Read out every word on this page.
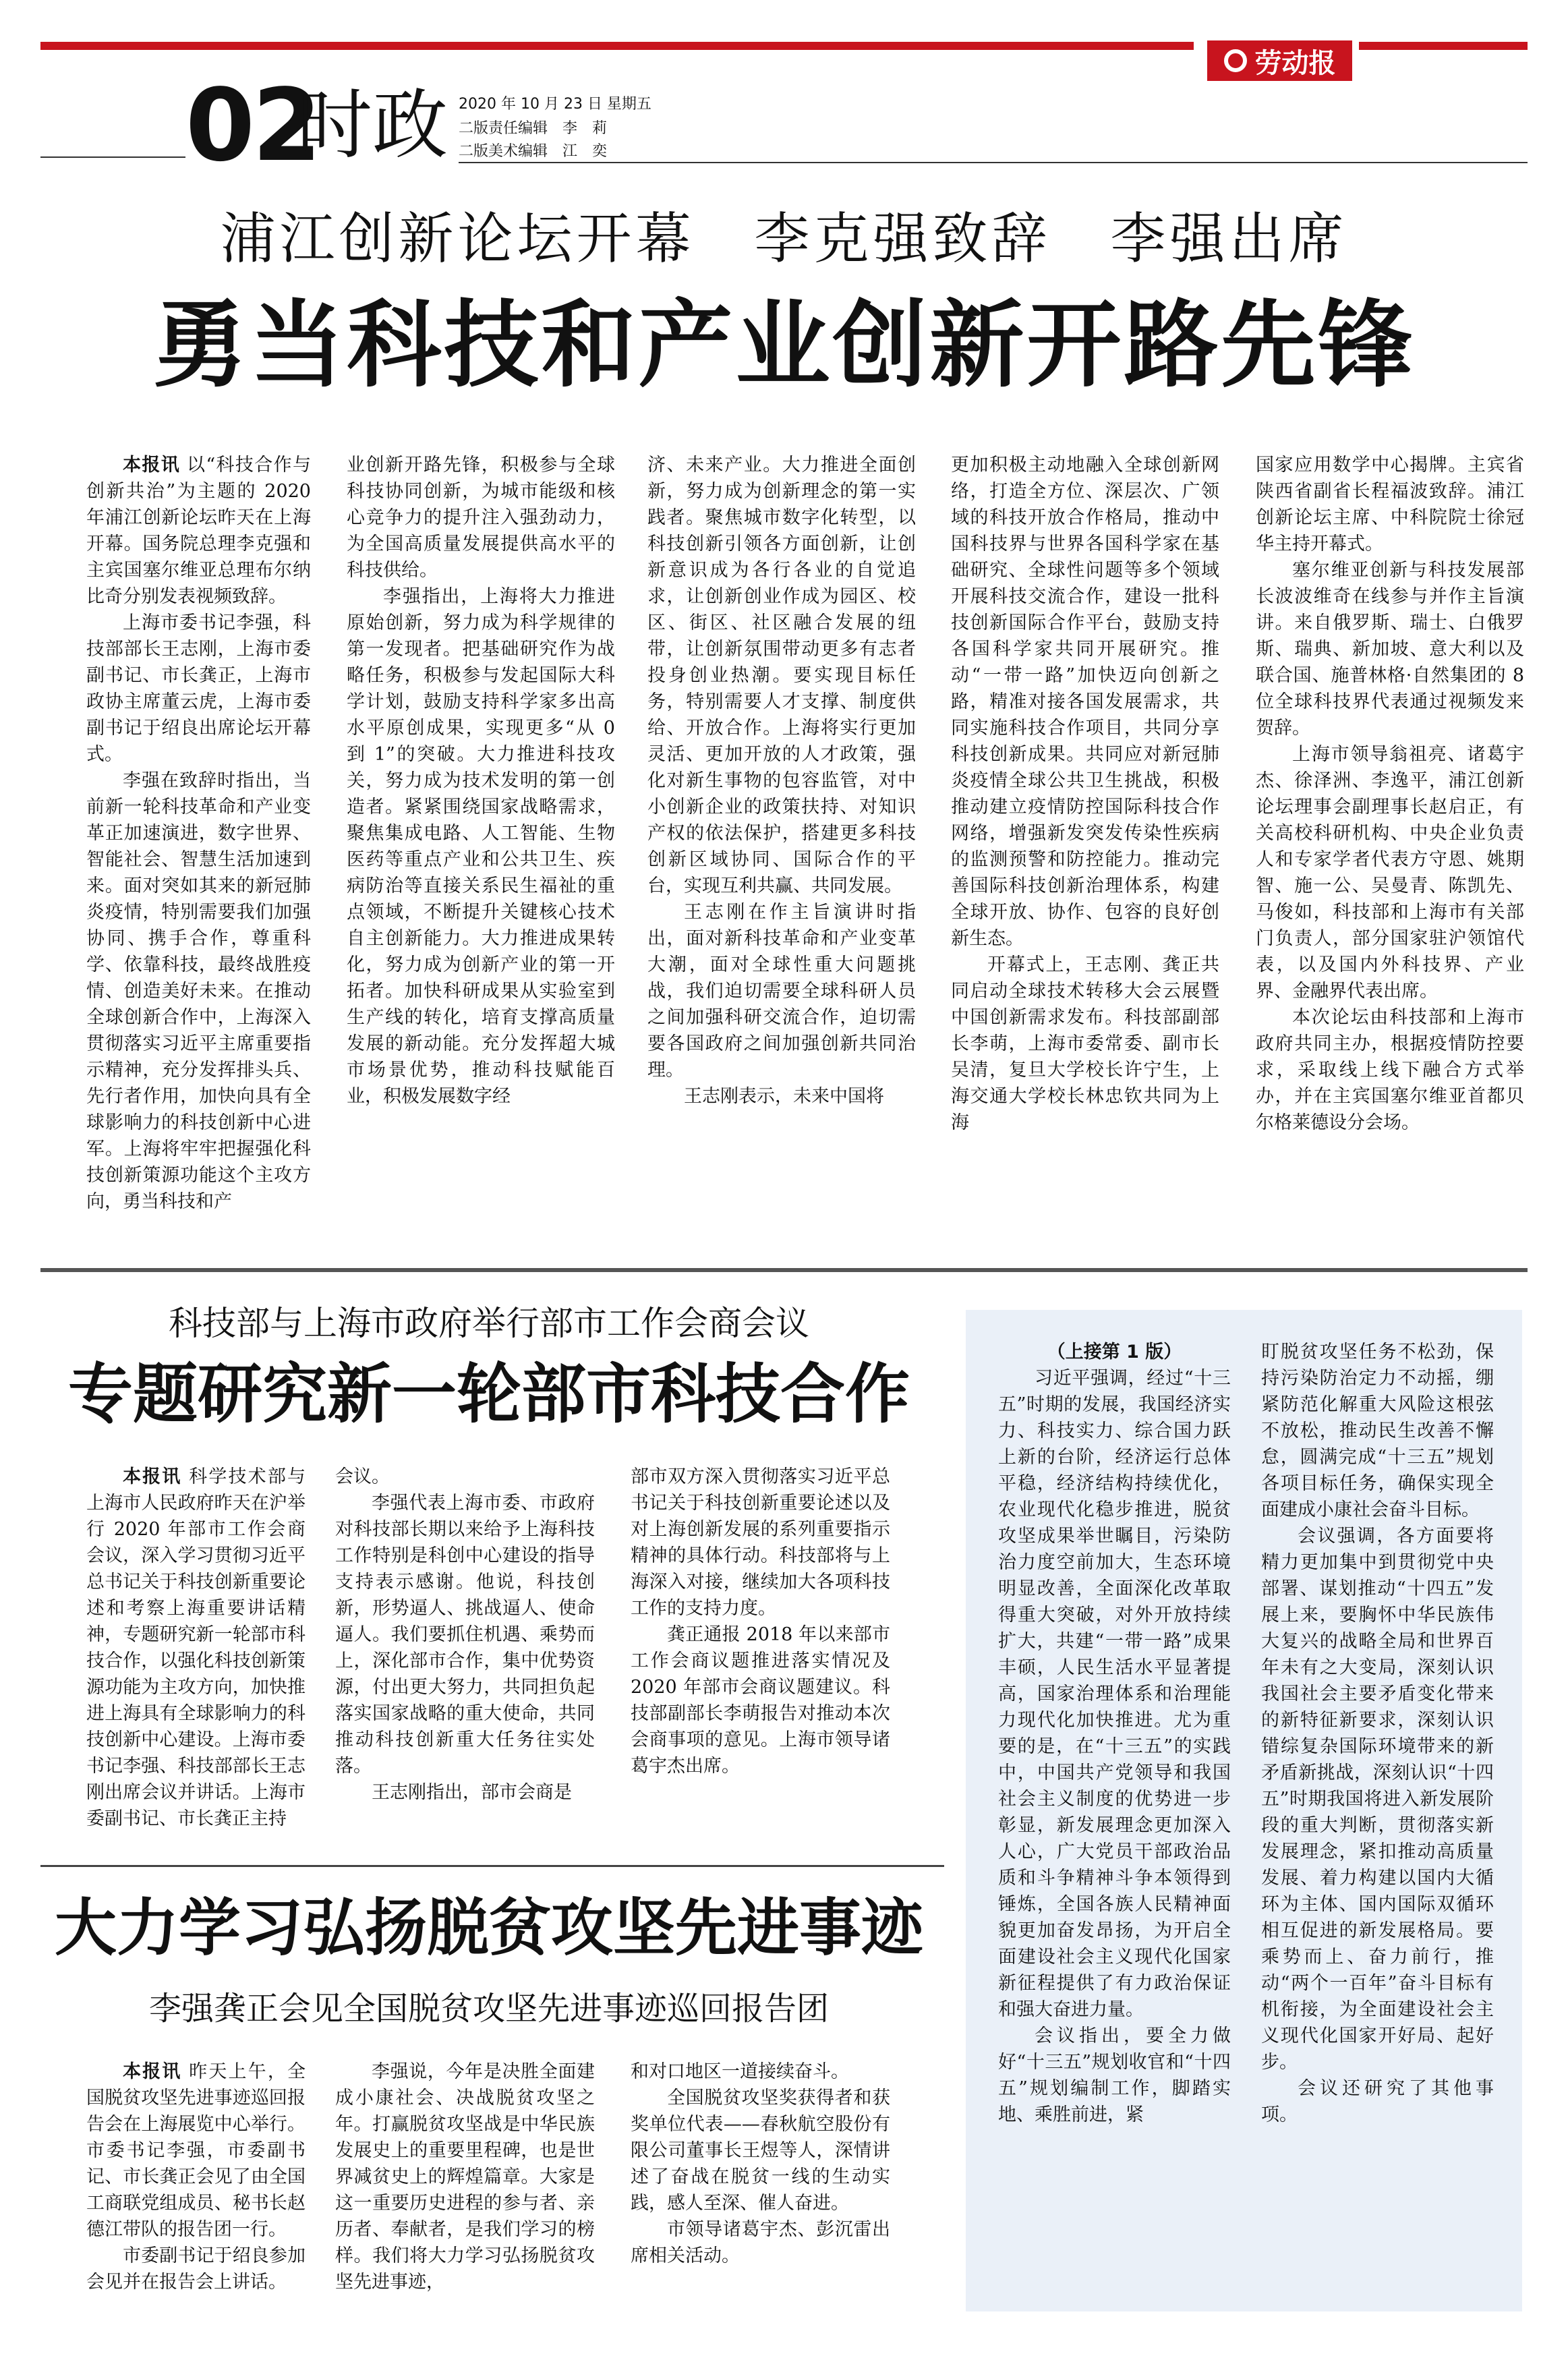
劳动报
02
时政 2020 年 10 月 23 日 星期五
二版责任编辑　李　莉
二版美术编辑　江　奕
浦江创新论坛开幕　李克强致辞　李强出席
勇当科技和产业创新开路先锋

本报讯 以“科技合作与创新共治”为主题的 2020 年浦江创新论坛昨天在上海开幕。国务院总理李克强和主宾国塞尔维亚总理布尔纳比奇分别发表视频致辞。

上海市委书记李强，科技部部长王志刚，上海市委副书记、市长龚正，上海市政协主席董云虎，上海市委副书记于绍良出席论坛开幕式。

李强在致辞时指出，当前新一轮科技革命和产业变革正加速演进，数字世界、智能社会、智慧生活加速到来。面对突如其来的新冠肺炎疫情，特别需要我们加强协同、携手合作，尊重科学、依靠科技，最终战胜疫情、创造美好未来。在推动全球创新合作中，上海深入贯彻落实习近平主席重要指示精神，充分发挥排头兵、先行者作用，加快向具有全球影响力的科技创新中心进军。上海将牢牢把握强化科技创新策源功能这个主攻方向，勇当科技和产

业创新开路先锋，积极参与全球科技协同创新，为城市能级和核心竞争力的提升注入强劲动力，为全国高质量发展提供高水平的科技供给。

李强指出，上海将大力推进原始创新，努力成为科学规律的第一发现者。把基础研究作为战略任务，积极参与发起国际大科学计划，鼓励支持科学家多出高水平原创成果，实现更多“从 0 到 1”的突破。大力推进科技攻关，努力成为技术发明的第一创造者。紧紧围绕国家战略需求，聚焦集成电路、人工智能、生物医药等重点产业和公共卫生、疾病防治等直接关系民生福祉的重点领域，不断提升关键核心技术自主创新能力。大力推进成果转化，努力成为创新产业的第一开拓者。加快科研成果从实验室到生产线的转化，培育支撑高质量发展的新动能。充分发挥超大城市场景优势，推动科技赋能百业，积极发展数字经

济、未来产业。大力推进全面创新，努力成为创新理念的第一实践者。聚焦城市数字化转型，以科技创新引领各方面创新，让创新意识成为各行各业的自觉追求，让创新创业作成为园区、校区、街区、社区融合发展的纽带，让创新氛围带动更多有志者投身创业热潮。要实现目标任务，特别需要人才支撑、制度供给、开放合作。上海将实行更加灵活、更加开放的人才政策，强化对新生事物的包容监管，对中小创新企业的政策扶持、对知识产权的依法保护，搭建更多科技创新区域协同、国际合作的平台，实现互利共赢、共同发展。

王志刚在作主旨演讲时指出，面对新科技革命和产业变革大潮，面对全球性重大问题挑战，我们迫切需要全球科研人员之间加强科研交流合作，迫切需要各国政府之间加强创新共同治理。

王志刚表示，未来中国将

更加积极主动地融入全球创新网络，打造全方位、深层次、广领域的科技开放合作格局，推动中国科技界与世界各国科学家在基础研究、全球性问题等多个领域开展科技交流合作，建设一批科技创新国际合作平台，鼓励支持各国科学家共同开展研究。推动“一带一路”加快迈向创新之路，精准对接各国发展需求，共同实施科技合作项目，共同分享科技创新成果。共同应对新冠肺炎疫情全球公共卫生挑战，积极推动建立疫情防控国际科技合作网络，增强新发突发传染性疾病的监测预警和防控能力。推动完善国际科技创新治理体系，构建全球开放、协作、包容的良好创新生态。

开幕式上，王志刚、龚正共同启动全球技术转移大会云展暨中国创新需求发布。科技部副部长李萌，上海市委常委、副市长吴清，复旦大学校长许宁生，上海交通大学校长林忠钦共同为上海

国家应用数学中心揭牌。主宾省陕西省副省长程福波致辞。浦江创新论坛主席、中科院院士徐冠华主持开幕式。

塞尔维亚创新与科技发展部长波波维奇在线参与并作主旨演讲。来自俄罗斯、瑞士、白俄罗斯、瑞典、新加坡、意大利以及联合国、施普林格·自然集团的 8 位全球科技界代表通过视频发来贺辞。

上海市领导翁祖亮、诸葛宇杰、徐泽洲、李逸平，浦江创新论坛理事会副理事长赵启正，有关高校科研机构、中央企业负责人和专家学者代表方守恩、姚期智、施一公、吴曼青、陈凯先、马俊如，科技部和上海市有关部门负责人，部分国家驻沪领馆代表，以及国内外科技界、产业界、金融界代表出席。

本次论坛由科技部和上海市政府共同主办，根据疫情防控要求，采取线上线下融合方式举办，并在主宾国塞尔维亚首都贝尔格莱德设分会场。

科技部与上海市政府举行部市工作会商会议
专题研究新一轮部市科技合作

本报讯 科学技术部与上海市人民政府昨天在沪举行 2020 年部市工作会商会议，深入学习贯彻习近平总书记关于科技创新重要论述和考察上海重要讲话精神，专题研究新一轮部市科技合作，以强化科技创新策源功能为主攻方向，加快推进上海具有全球影响力的科技创新中心建设。上海市委书记李强、科技部部长王志刚出席会议并讲话。上海市委副书记、市长龚正主持

会议。

李强代表上海市委、市政府对科技部长期以来给予上海科技工作特别是科创中心建设的指导支持表示感谢。他说，科技创新，形势逼人、挑战逼人、使命逼人。我们要抓住机遇、乘势而上，深化部市合作，集中优势资源，付出更大努力，共同担负起落实国家战略的重大使命，共同推动科技创新重大任务往实处落。

王志刚指出，部市会商是

部市双方深入贯彻落实习近平总书记关于科技创新重要论述以及对上海创新发展的系列重要指示精神的具体行动。科技部将与上海深入对接，继续加大各项科技工作的支持力度。

龚正通报 2018 年以来部市工作会商议题推进落实情况及 2020 年部市会商议题建议。科技部副部长李萌报告对推动本次会商事项的意见。上海市领导诸葛宇杰出席。

大力学习弘扬脱贫攻坚先进事迹
李强龚正会见全国脱贫攻坚先进事迹巡回报告团

本报讯 昨天上午，全国脱贫攻坚先进事迹巡回报告会在上海展览中心举行。市委书记李强，市委副书记、市长龚正会见了由全国工商联党组成员、秘书长赵德江带队的报告团一行。

市委副书记于绍良参加会见并在报告会上讲话。

李强说，今年是决胜全面建成小康社会、决战脱贫攻坚之年。打赢脱贫攻坚战是中华民族发展史上的重要里程碑，也是世界减贫史上的辉煌篇章。大家是这一重要历史进程的参与者、亲历者、奉献者，是我们学习的榜样。我们将大力学习弘扬脱贫攻坚先进事迹，

和对口地区一道接续奋斗。

全国脱贫攻坚奖获得者和获奖单位代表——春秋航空股份有限公司董事长王煜等人，深情讲述了奋战在脱贫一线的生动实践，感人至深、催人奋进。

市领导诸葛宇杰、彭沉雷出席相关活动。

（上接第 1 版）

习近平强调，经过“十三五”时期的发展，我国经济实力、科技实力、综合国力跃上新的台阶，经济运行总体平稳，经济结构持续优化，农业现代化稳步推进，脱贫攻坚成果举世瞩目，污染防治力度空前加大，生态环境明显改善，全面深化改革取得重大突破，对外开放持续扩大，共建“一带一路”成果丰硕，人民生活水平显著提高，国家治理体系和治理能力现代化加快推进。尤为重要的是，在“十三五”的实践中，中国共产党领导和我国社会主义制度的优势进一步彰显，新发展理念更加深入人心，广大党员干部政治品质和斗争精神斗争本领得到锤炼，全国各族人民精神面貌更加奋发昂扬，为开启全面建设社会主义现代化国家新征程提供了有力政治保证和强大奋进力量。

会议指出，要全力做好“十三五”规划收官和“十四五”规划编制工作，脚踏实地、乘胜前进，紧

盯脱贫攻坚任务不松劲，保持污染防治定力不动摇，绷紧防范化解重大风险这根弦不放松，推动民生改善不懈怠，圆满完成“十三五”规划各项目标任务，确保实现全面建成小康社会奋斗目标。

会议强调，各方面要将精力更加集中到贯彻党中央部署、谋划推动“十四五”发展上来，要胸怀中华民族伟大复兴的战略全局和世界百年未有之大变局，深刻认识我国社会主要矛盾变化带来的新特征新要求，深刻认识错综复杂国际环境带来的新矛盾新挑战，深刻认识“十四五”时期我国将进入新发展阶段的重大判断，贯彻落实新发展理念，紧扣推动高质量发展、着力构建以国内大循环为主体、国内国际双循环相互促进的新发展格局。要乘势而上、奋力前行，推动“两个一百年”奋斗目标有机衔接，为全面建设社会主义现代化国家开好局、起好步。

会议还研究了其他事项。
